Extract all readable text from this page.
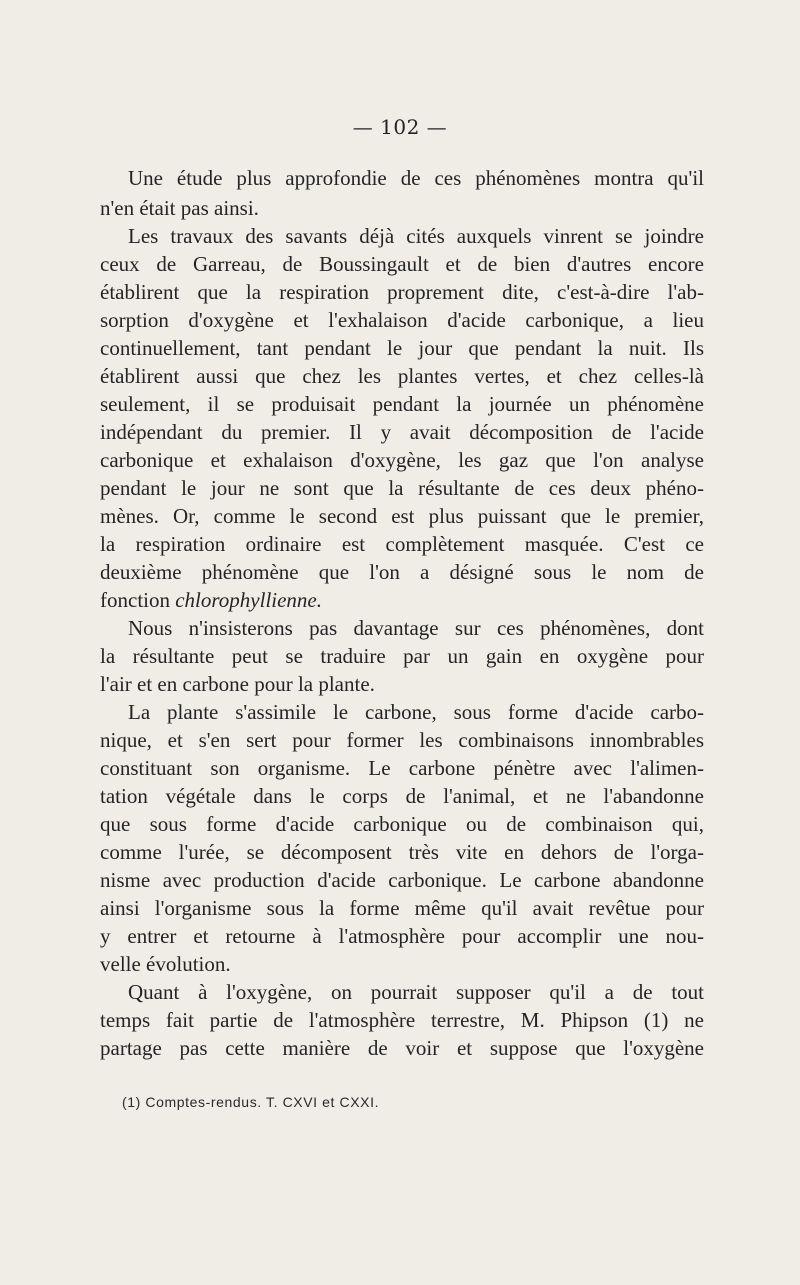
— 102 —
Une étude plus approfondie de ces phénomènes montra qu'il
n'en était pas ainsi.
Les travaux des savants déjà cités auxquels vinrent se joindre
ceux de Garreau, de Boussingault et de bien d'autres encore
établirent que la respiration proprement dite, c'est-à-dire l'ab-
sorption d'oxygène et l'exhalaison d'acide carbonique, a lieu
continuellement, tant pendant le jour que pendant la nuit. Ils
établirent aussi que chez les plantes vertes, et chez celles-là
seulement, il se produisait pendant la journée un phénomène
indépendant du premier. Il y avait décomposition de l'acide
carbonique et exhalaison d'oxygène, les gaz que l'on analyse
pendant le jour ne sont que la résultante de ces deux phéno-
mènes. Or, comme le second est plus puissant que le premier,
la respiration ordinaire est complètement masquée. C'est ce
deuxième phénomène que l'on a désigné sous le nom de
fonction chlorophyllienne.
Nous n'insisterons pas davantage sur ces phénomènes, dont
la résultante peut se traduire par un gain en oxygène pour
l'air et en carbone pour la plante.
La plante s'assimile le carbone, sous forme d'acide carbo-
nique, et s'en sert pour former les combinaisons innombrables
constituant son organisme. Le carbone pénètre avec l'alimen-
tation végétale dans le corps de l'animal, et ne l'abandonne
que sous forme d'acide carbonique ou de combinaison qui,
comme l'urée, se décomposent très vite en dehors de l'orga-
nisme avec production d'acide carbonique. Le carbone abandonne
ainsi l'organisme sous la forme même qu'il avait revêtue pour
y entrer et retourne à l'atmosphère pour accomplir une nou-
velle évolution.
Quant à l'oxygène, on pourrait supposer qu'il a de tout
temps fait partie de l'atmosphère terrestre, M. Phipson (1) ne
partage pas cette manière de voir et suppose que l'oxygène
(1) Comptes-rendus. T. CXVI et CXXI.
